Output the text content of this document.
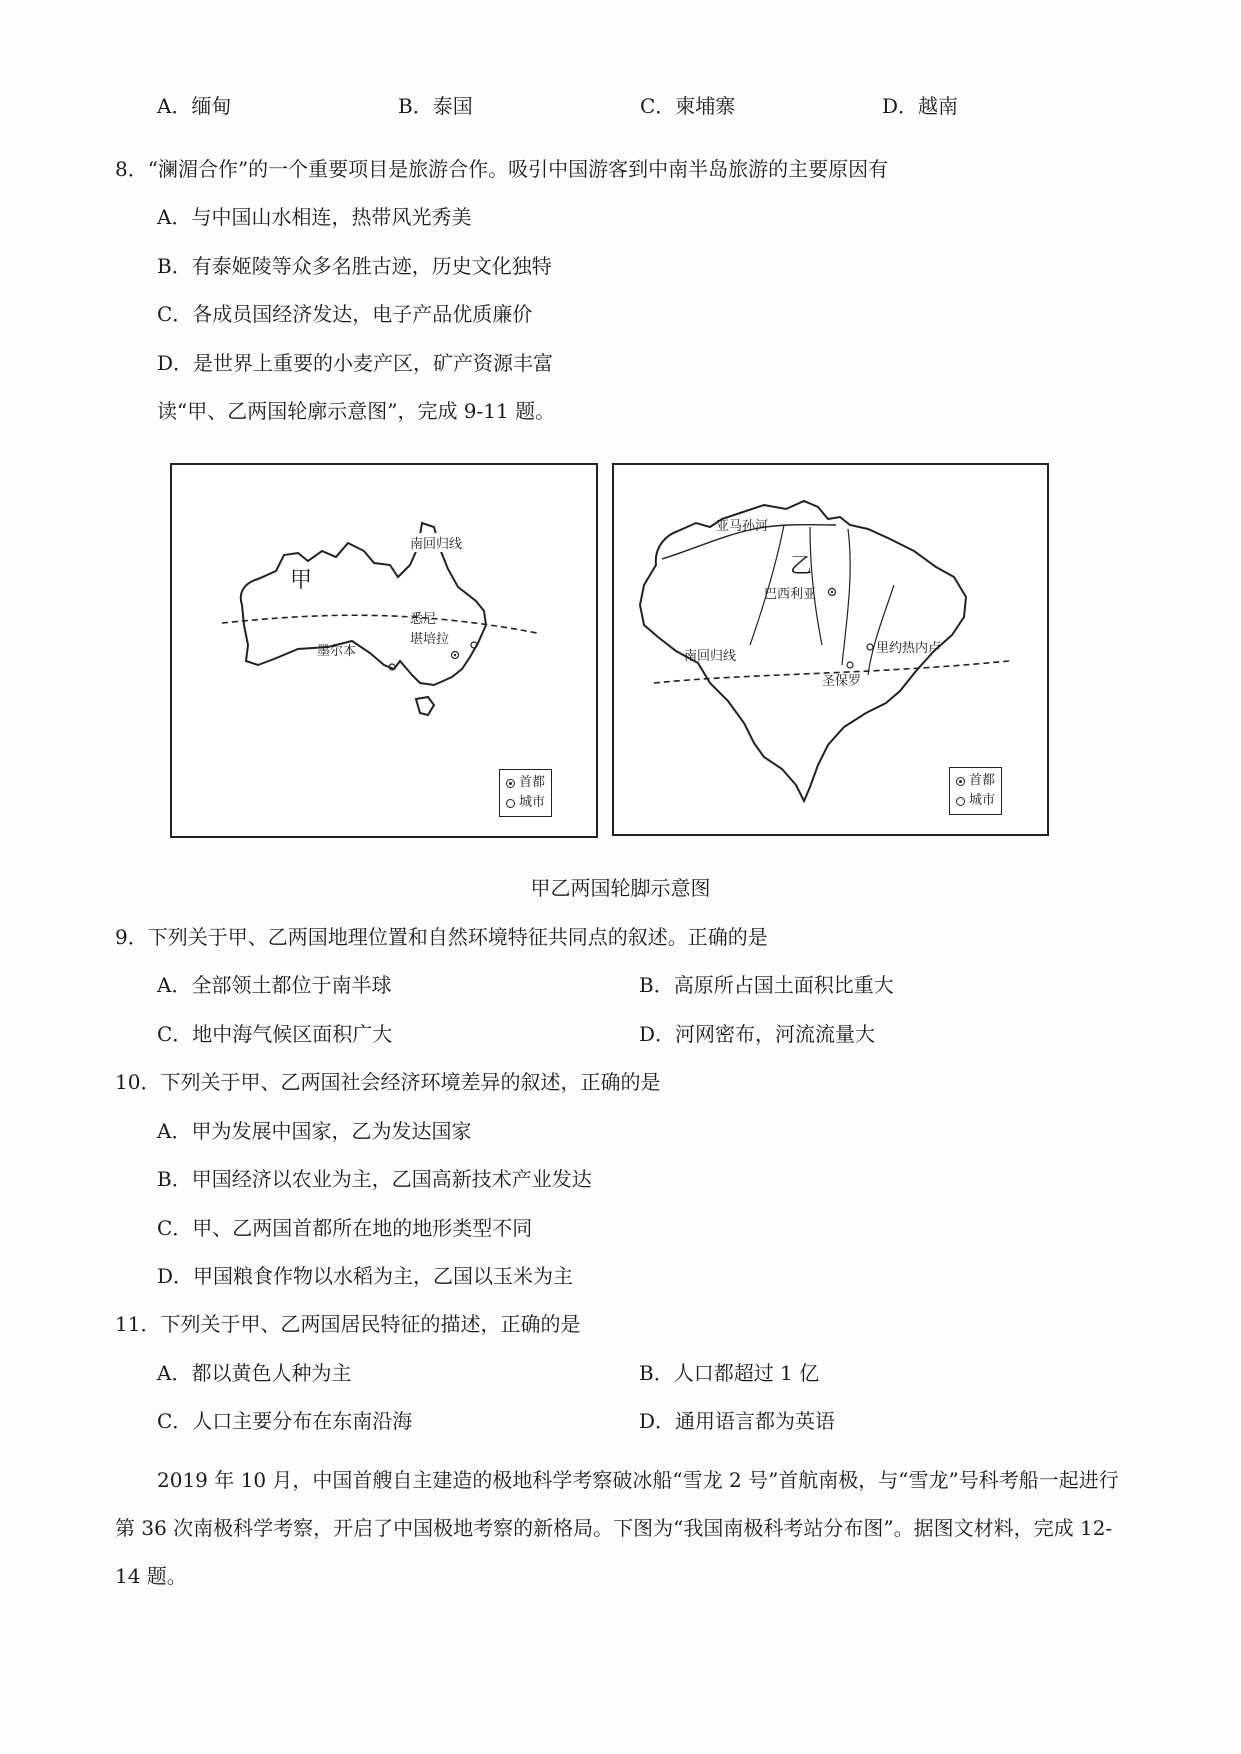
A．缅甸	B．泰国	C．柬埔寨	D．越南
8．“澜湄合作”的一个重要项目是旅游合作。吸引中国游客到中南半岛旅游的主要原因有
A．与中国山水相连，热带风光秀美
B．有泰姬陵等众多名胜古迹，历史文化独特
C．各成员国经济发达，电子产品优质廉价
D．是世界上重要的小麦产区，矿产资源丰富
读“甲、乙两国轮廓示意图”，完成 9-11 题。
南回归线
甲
悉尼
堪培拉
墨尔本
首都
城市
亚马孙河
乙
巴西利亚
里约热内卢
圣保罗
南回归线
首都
城市
甲乙两国轮脚示意图
9．下列关于甲、乙两国地理位置和自然环境特征共同点的叙述。正确的是
A．全部领土都位于南半球	B．高原所占国土面积比重大
C．地中海气候区面积广大	D．河网密布，河流流量大
10．下列关于甲、乙两国社会经济环境差异的叙述，正确的是
A．甲为发展中国家，乙为发达国家
B．甲国经济以农业为主，乙国高新技术产业发达
C．甲、乙两国首都所在地的地形类型不同
D．甲国粮食作物以水稻为主，乙国以玉米为主
11．下列关于甲、乙两国居民特征的描述，正确的是
A．都以黄色人种为主	B．人口都超过 1 亿
C．人口主要分布在东南沿海	D．通用语言都为英语
2019 年 10 月，中国首艘自主建造的极地科学考察破冰船“雪龙 2 号”首航南极，与“雪龙”号科考船一起进行第 36 次南极科学考察，开启了中国极地考察的新格局。下图为“我国南极科考站分布图”。据图文材料，完成 12-14 题。
